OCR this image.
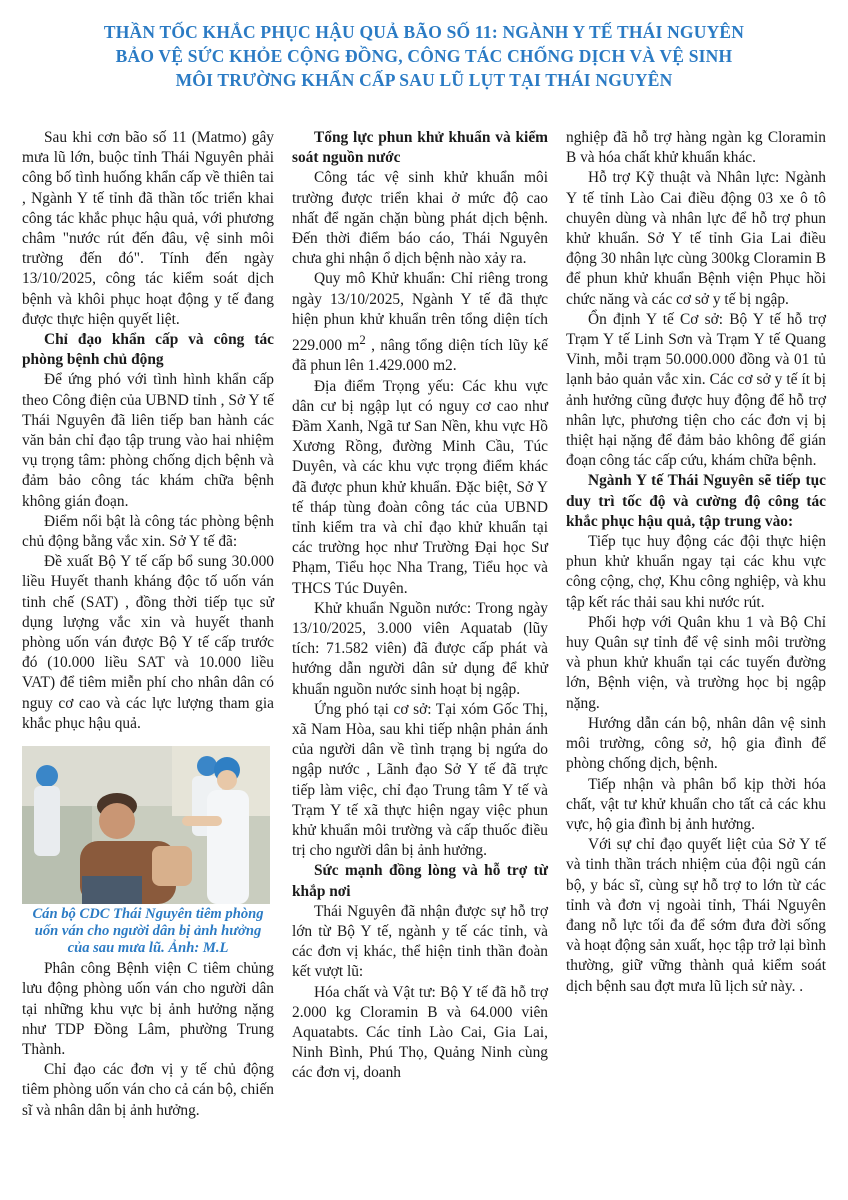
THẦN TỐC KHẮC PHỤC HẬU QUẢ BÃO SỐ 11: NGÀNH Y TẾ THÁI NGUYÊN
BẢO VỆ SỨC KHỎE CỘNG ĐỒNG, CÔNG TÁC CHỐNG DỊCH VÀ VỆ SINH
MÔI TRƯỜNG KHẨN CẤP SAU LŨ LỤT TẠI THÁI NGUYÊN

Sau khi cơn bão số 11 (Matmo) gây mưa lũ lớn, buộc tỉnh Thái Nguyên phải công bố tình huống khẩn cấp về thiên tai , Ngành Y tế tỉnh đã thần tốc triển khai công tác khắc phục hậu quả, với phương châm "nước rút đến đâu, vệ sinh môi trường đến đó". Tính đến ngày 13/10/2025, công tác kiểm soát dịch bệnh và khôi phục hoạt động y tế đang được thực hiện quyết liệt.

Chỉ đạo khẩn cấp và công tác phòng bệnh chủ động

Để ứng phó với tình hình khẩn cấp theo Công điện của UBND tỉnh , Sở Y tế Thái Nguyên đã liên tiếp ban hành các văn bản chỉ đạo tập trung vào hai nhiệm vụ trọng tâm: phòng chống dịch bệnh và đảm bảo công tác khám chữa bệnh không gián đoạn.

Điểm nổi bật là công tác phòng bệnh chủ động bằng vắc xin. Sở Y tế đã:

Đề xuất Bộ Y tế cấp bổ sung 30.000 liều Huyết thanh kháng độc tố uốn ván tinh chế (SAT) , đồng thời tiếp tục sử dụng lượng vắc xin và huyết thanh phòng uốn ván được Bộ Y tế cấp trước đó (10.000 liều SAT và 10.000 liều VAT) để tiêm miễn phí cho nhân dân có nguy cơ cao và các lực lượng tham gia khắc phục hậu quả.

Cán bộ CDC Thái Nguyên tiêm phòng uốn ván cho người dân bị ảnh hưởng của sau mưa lũ. Ảnh: M.L

Phân công Bệnh viện C tiêm chủng lưu động phòng uốn ván cho người dân tại những khu vực bị ảnh hưởng nặng như TDP Đồng Lâm, phường Trung Thành.

Chỉ đạo các đơn vị y tế chủ động tiêm phòng uốn ván cho cả cán bộ, chiến sĩ và nhân dân bị ảnh hưởng.

Tổng lực phun khử khuẩn và kiểm soát nguồn nước

Công tác vệ sinh khử khuẩn môi trường được triển khai ở mức độ cao nhất để ngăn chặn bùng phát dịch bệnh. Đến thời điểm báo cáo, Thái Nguyên chưa ghi nhận ổ dịch bệnh nào xảy ra.

Quy mô Khử khuẩn: Chỉ riêng trong ngày 13/10/2025, Ngành Y tế đã thực hiện phun khử khuẩn trên tổng diện tích 229.000 $m^2$ , nâng tổng diện tích lũy kế đã phun lên 1.429.000 m2.

Địa điểm Trọng yếu: Các khu vực dân cư bị ngập lụt có nguy cơ cao như Đầm Xanh, Ngã tư San Nền, khu vực Hồ Xương Rồng, đường Minh Cầu, Túc Duyên, và các khu vực trọng điểm khác đã được phun khử khuẩn. Đặc biệt, Sở Y tế tháp tùng đoàn công tác của UBND tỉnh kiểm tra và chỉ đạo khử khuẩn tại các trường học như Trường Đại học Sư Phạm, Tiểu học Nha Trang, Tiểu học và THCS Túc Duyên.

Khử khuẩn Nguồn nước: Trong ngày 13/10/2025, 3.000 viên Aquatab (lũy tích: 71.582 viên) đã được cấp phát và hướng dẫn người dân sử dụng để khử khuẩn nguồn nước sinh hoạt bị ngập.

Ứng phó tại cơ sở: Tại xóm Gốc Thị, xã Nam Hòa, sau khi tiếp nhận phản ánh của người dân về tình trạng bị ngứa do ngập nước , Lãnh đạo Sở Y tế đã trực tiếp làm việc, chỉ đạo Trung tâm Y tế và Trạm Y tế xã thực hiện ngay việc phun khử khuẩn môi trường và cấp thuốc điều trị cho người dân bị ảnh hưởng.

Sức mạnh đồng lòng và hỗ trợ từ khắp nơi

Thái Nguyên đã nhận được sự hỗ trợ lớn từ Bộ Y tế, ngành y tế các tỉnh, và các đơn vị khác, thể hiện tinh thần đoàn kết vượt lũ:

Hóa chất và Vật tư: Bộ Y tế đã hỗ trợ 2.000 kg Cloramin B và 64.000 viên Aquatabts. Các tỉnh Lào Cai, Gia Lai, Ninh Bình, Phú Thọ, Quảng Ninh cùng các đơn vị, doanh

nghiệp đã hỗ trợ hàng ngàn kg Cloramin B và hóa chất khử khuẩn khác.

Hỗ trợ Kỹ thuật và Nhân lực: Ngành Y tế tỉnh Lào Cai điều động 03 xe ô tô chuyên dùng và nhân lực để hỗ trợ phun khử khuẩn. Sở Y tế tỉnh Gia Lai điều động 30 nhân lực cùng 300kg Cloramin B để phun khử khuẩn Bệnh viện Phục hồi chức năng và các cơ sở y tế bị ngập.

Ổn định Y tế Cơ sở: Bộ Y tế hỗ trợ Trạm Y tế Linh Sơn và Trạm Y tế Quang Vinh, mỗi trạm 50.000.000 đồng và 01 tủ lạnh bảo quản vắc xin. Các cơ sở y tế ít bị ảnh hưởng cũng được huy động để hỗ trợ nhân lực, phương tiện cho các đơn vị bị thiệt hại nặng để đảm bảo không để gián đoạn công tác cấp cứu, khám chữa bệnh.

Ngành Y tế Thái Nguyên sẽ tiếp tục duy trì tốc độ và cường độ công tác khắc phục hậu quả, tập trung vào:

Tiếp tục huy động các đội thực hiện phun khử khuẩn ngay tại các khu vực công cộng, chợ, Khu công nghiệp, và khu tập kết rác thải sau khi nước rút.

Phối hợp với Quân khu 1 và Bộ Chỉ huy Quân sự tỉnh để vệ sinh môi trường và phun khử khuẩn tại các tuyến đường lớn, Bệnh viện, và trường học bị ngập nặng.

Hướng dẫn cán bộ, nhân dân vệ sinh môi trường, công sở, hộ gia đình để phòng chống dịch, bệnh.

Tiếp nhận và phân bổ kịp thời hóa chất, vật tư khử khuẩn cho tất cả các khu vực, hộ gia đình bị ảnh hưởng.

Với sự chỉ đạo quyết liệt của Sở Y tế và tinh thần trách nhiệm của đội ngũ cán bộ, y bác sĩ, cùng sự hỗ trợ to lớn từ các tỉnh và đơn vị ngoài tỉnh, Thái Nguyên đang nỗ lực tối đa để sớm đưa đời sống và hoạt động sản xuất, học tập trở lại bình thường, giữ vững thành quả kiểm soát dịch bệnh sau đợt mưa lũ lịch sử này. .
